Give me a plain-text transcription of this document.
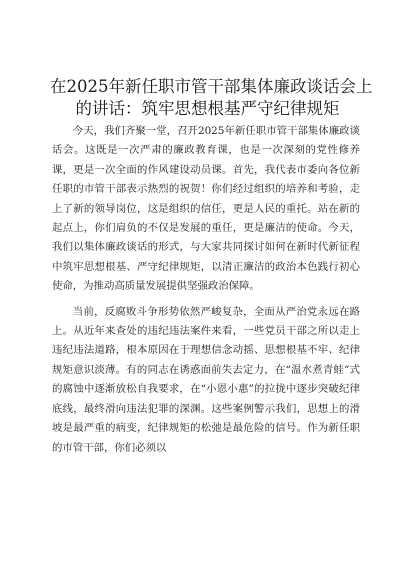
在2025年新任职市管干部集体廉政谈话会上
的讲话：筑牢思想根基严守纪律规矩

今天，我们齐聚一堂，召开2025年新任职市管干部集体廉政谈话会。这既是一次严肃的廉政教育课，也是一次深刻的党性修养课，更是一次全面的作风建设动员课。首先，我代表市委向各位新任职的市管干部表示热烈的祝贺！你们经过组织的培养和考验，走上了新的领导岗位，这是组织的信任，更是人民的重托。站在新的起点上，你们肩负的不仅是发展的重任，更是廉洁的使命。今天，我们以集体廉政谈话的形式，与大家共同探讨如何在新时代新征程中筑牢思想根基、严守纪律规矩，以清正廉洁的政治本色践行初心使命，为推动高质量发展提供坚强政治保障。

当前，反腐败斗争形势依然严峻复杂，全面从严治党永远在路上。从近年来查处的违纪违法案件来看，一些党员干部之所以走上违纪违法道路，根本原因在于理想信念动摇、思想根基不牢、纪律规矩意识淡薄。有的同志在诱惑面前失去定力，在“温水煮青蛙”式的腐蚀中逐渐放松自我要求，在“小恩小惠”的拉拢中逐步突破纪律底线，最终滑向违法犯罪的深渊。这些案例警示我们，思想上的滑坡是最严重的病变，纪律规矩的松弛是最危险的信号。作为新任职的市管干部，你们必须以
